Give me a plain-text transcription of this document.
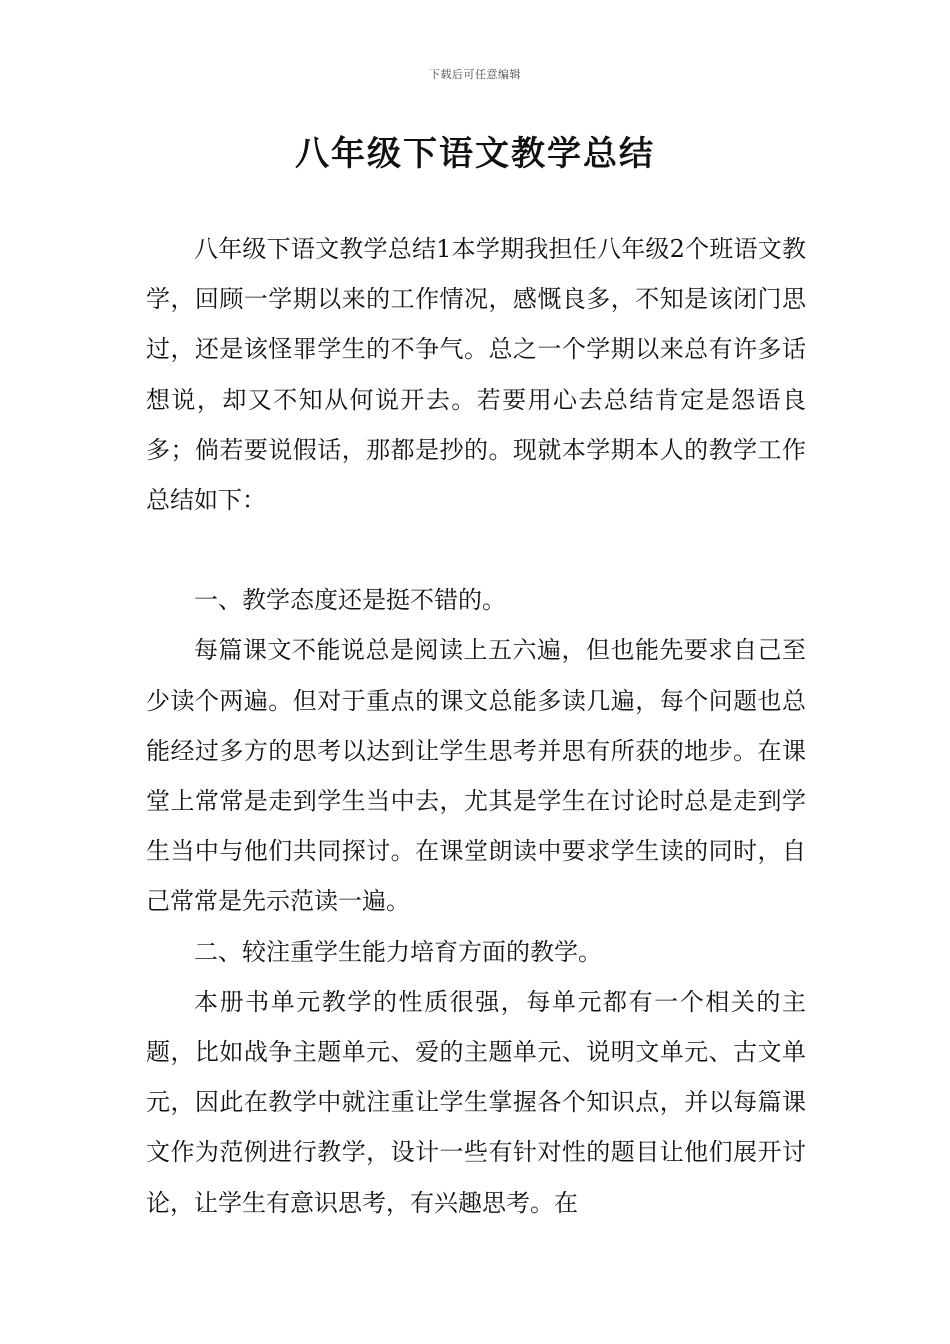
下载后可任意编辑
八年级下语文教学总结

八年级下语文教学总结1本学期我担任八年级2个班语文教学，回顾一学期以来的工作情况，感慨良多，不知是该闭门思过，还是该怪罪学生的不争气。总之一个学期以来总有许多话想说，却又不知从何说开去。若要用心去总结肯定是怨语良多；倘若要说假话，那都是抄的。现就本学期本人的教学工作总结如下：

一、教学态度还是挺不错的。

每篇课文不能说总是阅读上五六遍，但也能先要求自己至少读个两遍。但对于重点的课文总能多读几遍，每个问题也总能经过多方的思考以达到让学生思考并思有所获的地步。在课堂上常常是走到学生当中去，尤其是学生在讨论时总是走到学生当中与他们共同探讨。在课堂朗读中要求学生读的同时，自己常常是先示范读一遍。

二、较注重学生能力培育方面的教学。

本册书单元教学的性质很强，每单元都有一个相关的主题，比如战争主题单元、爱的主题单元、说明文单元、古文单元，因此在教学中就注重让学生掌握各个知识点，并以每篇课文作为范例进行教学，设计一些有针对性的题目让他们展开讨论，让学生有意识思考，有兴趣思考。在
